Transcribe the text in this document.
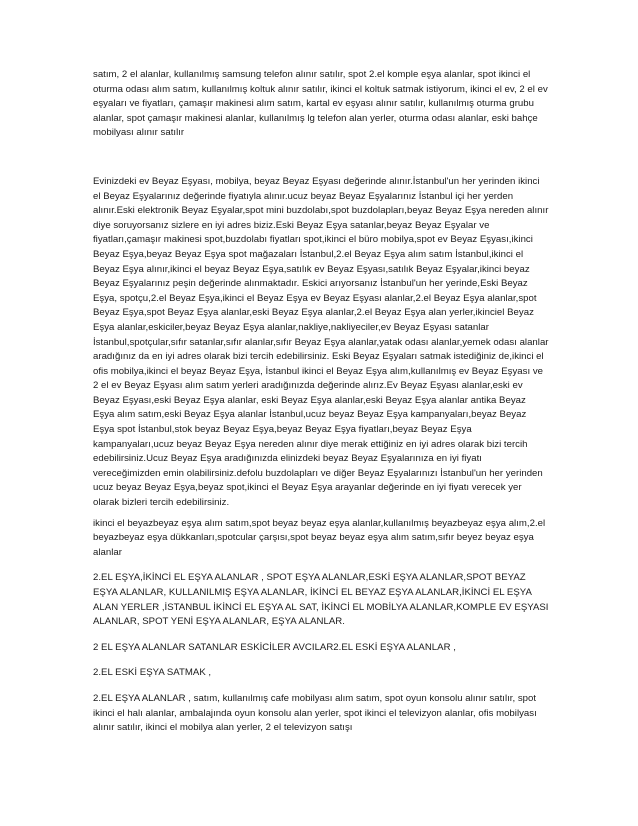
satım, 2 el alanlar, kullanılmış samsung telefon alınır satılır, spot 2.el komple eşya alanlar, spot ikinci el oturma odası alım satım, kullanılmış koltuk alınır satılır, ikinci el koltuk satmak istiyorum, ikinci el ev, 2 el ev eşyaları ve fiyatları, çamaşır makinesi alım satım, kartal ev eşyası alınır satılır, kullanılmış oturma grubu alanlar, spot çamaşır makinesi alanlar, kullanılmış lg telefon alan yerler, oturma odası alanlar, eski bahçe mobilyası alınır satılır

Evinizdeki ev Beyaz Eşyası, mobilya, beyaz Beyaz Eşyası değerinde alınır.İstanbul'un her yerinden ikinci el Beyaz Eşyalarınız değerinde fiyatıyla alınır.ucuz beyaz Beyaz Eşyalarınız İstanbul içi her yerden alınır.Eski elektronik Beyaz Eşyalar,spot mini buzdolabı,spot buzdolapları,beyaz Beyaz Eşya nereden alınır diye soruyorsanız sizlere en iyi adres biziz.Eski Beyaz Eşya satanlar,beyaz Beyaz Eşyalar ve fiyatları,çamaşır makinesi spot,buzdolabı fiyatları spot,ikinci el büro mobilya,spot ev Beyaz Eşyası,ikinci Beyaz Eşya,beyaz Beyaz Eşya spot mağazaları İstanbul,2.el Beyaz Eşya alım satım İstanbul,ikinci el Beyaz Eşya alınır,ikinci el beyaz Beyaz Eşya,satılık ev Beyaz Eşyası,satılık Beyaz Eşyalar,ikinci beyaz Beyaz Eşyalarınız peşin değerinde alınmaktadır. Eskici arıyorsanız İstanbul'un her yerinde,Eski Beyaz Eşya, spotçu,2.el Beyaz Eşya,ikinci el Beyaz Eşya ev Beyaz Eşyası alanlar,2.el Beyaz Eşya alanlar,spot Beyaz Eşya,spot Beyaz Eşya alanlar,eski Beyaz Eşya alanlar,2.el Beyaz Eşya alan yerler,ikinciel Beyaz Eşya alanlar,eskiciler,beyaz Beyaz Eşya alanlar,nakliye,nakliyeciler,ev Beyaz Eşyası satanlar İstanbul,spotçular,sıfır satanlar,sıfır alanlar,sıfır Beyaz Eşya alanlar,yatak odası alanlar,yemek odası alanlar aradığınız da en iyi adres olarak bizi tercih edebilirsiniz. Eski Beyaz Eşyaları satmak istediğiniz de,ikinci el ofis mobilya,ikinci el beyaz Beyaz Eşya, İstanbul ikinci el Beyaz Eşya alım,kullanılmış ev Beyaz Eşyası ve 2 el ev Beyaz Eşyası alım satım yerleri aradığınızda değerinde alırız.Ev Beyaz Eşyası alanlar,eski ev Beyaz Eşyası,eski Beyaz Eşya alanlar, eski Beyaz Eşya alanlar,eski Beyaz Eşya alanlar antika Beyaz Eşya alım satım,eski Beyaz Eşya alanlar İstanbul,ucuz beyaz Beyaz Eşya kampanyaları,beyaz Beyaz Eşya spot İstanbul,stok beyaz Beyaz Eşya,beyaz Beyaz Eşya fiyatları,beyaz Beyaz Eşya kampanyaları,ucuz beyaz Beyaz Eşya nereden alınır diye merak ettiğiniz en iyi adres olarak bizi tercih edebilirsiniz.Ucuz Beyaz Eşya aradığınızda elinizdeki beyaz Beyaz Eşyalarınıza en iyi fiyatı vereceğimizden emin olabilirsiniz.defolu buzdolapları ve diğer Beyaz Eşyalarınızı İstanbul'un her yerinden ucuz beyaz Beyaz Eşya,beyaz spot,ikinci el Beyaz Eşya arayanlar değerinde en iyi fiyatı verecek yer olarak bizleri tercih edebilirsiniz.

ikinci el beyazbeyaz eşya alım satım,spot beyaz beyaz eşya alanlar,kullanılmış beyazbeyaz eşya alım,2.el beyazbeyaz eşya dükkanları,spotcular çarşısı,spot beyaz beyaz eşya alım satım,sıfır beyez beyaz eşya alanlar

2.EL EŞYA,İKİNCİ EL EŞYA ALANLAR , SPOT EŞYA ALANLAR,ESKİ EŞYA ALANLAR,SPOT BEYAZ EŞYA ALANLAR, KULLANILMIŞ EŞYA ALANLAR, İKİNCİ EL BEYAZ EŞYA ALANLAR,İKİNCİ EL EŞYA ALAN YERLER ,İSTANBUL İKİNCİ EL EŞYA AL SAT, İKİNCİ EL MOBİLYA ALANLAR,KOMPLE EV EŞYASI ALANLAR, SPOT YENİ EŞYA ALANLAR, EŞYA ALANLAR.

2 EL EŞYA ALANLAR SATANLAR ESKİCİLER AVCILAR2.EL ESKİ EŞYA ALANLAR ,

2.EL ESKİ EŞYA SATMAK ,

2.EL EŞYA ALANLAR , satım, kullanılmış cafe mobilyası alım satım, spot oyun konsolu alınır satılır, spot ikinci el halı alanlar, ambalajında oyun konsolu alan yerler, spot ikinci el televizyon alanlar, ofis mobilyası alınır satılır, ikinci el mobilya alan yerler, 2 el televizyon satışı
